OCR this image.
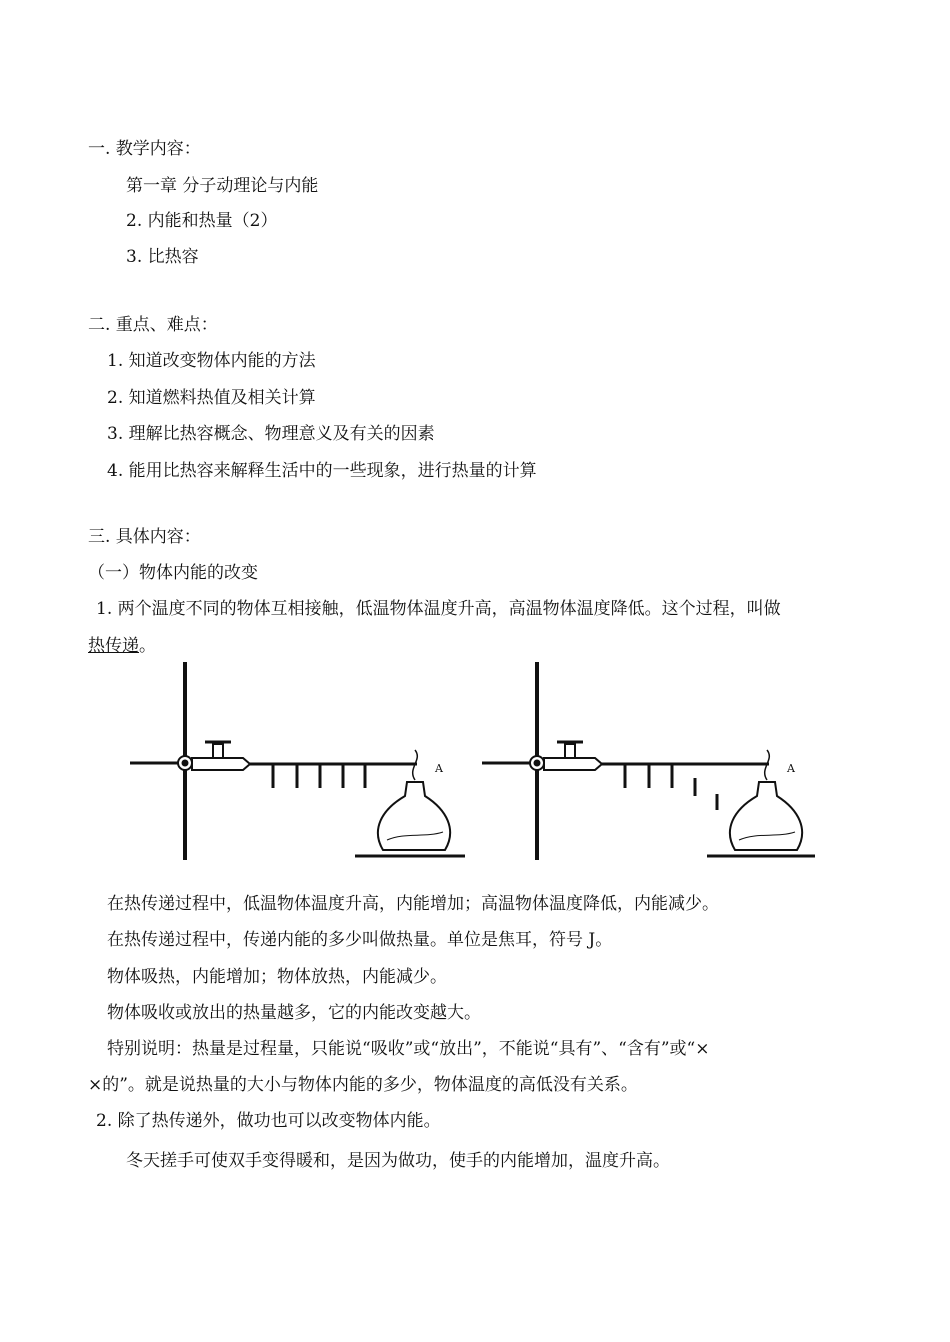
一. 教学内容：
第一章 分子动理论与内能
2. 内能和热量（2）
3. 比热容
二. 重点、难点：
1. 知道改变物体内能的方法
2. 知道燃料热值及相关计算
3. 理解比热容概念、物理意义及有关的因素
4. 能用比热容来解释生活中的一些现象，进行热量的计算
三. 具体内容：
（一）物体内能的改变
1. 两个温度不同的物体互相接触，低温物体温度升高，高温物体温度降低。这个过程，叫做
热传递。
A	A
在热传递过程中，低温物体温度升高，内能增加；高温物体温度降低，内能减少。
在热传递过程中，传递内能的多少叫做热量。单位是焦耳，符号 J。
物体吸热，内能增加；物体放热，内能减少。
物体吸收或放出的热量越多，它的内能改变越大。
特别说明：热量是过程量，只能说“吸收”或“放出”，不能说“具有”、“含有”或“×
×的”。就是说热量的大小与物体内能的多少，物体温度的高低没有关系。
2. 除了热传递外，做功也可以改变物体内能。
冬天搓手可使双手变得暖和，是因为做功，使手的内能增加，温度升高。
